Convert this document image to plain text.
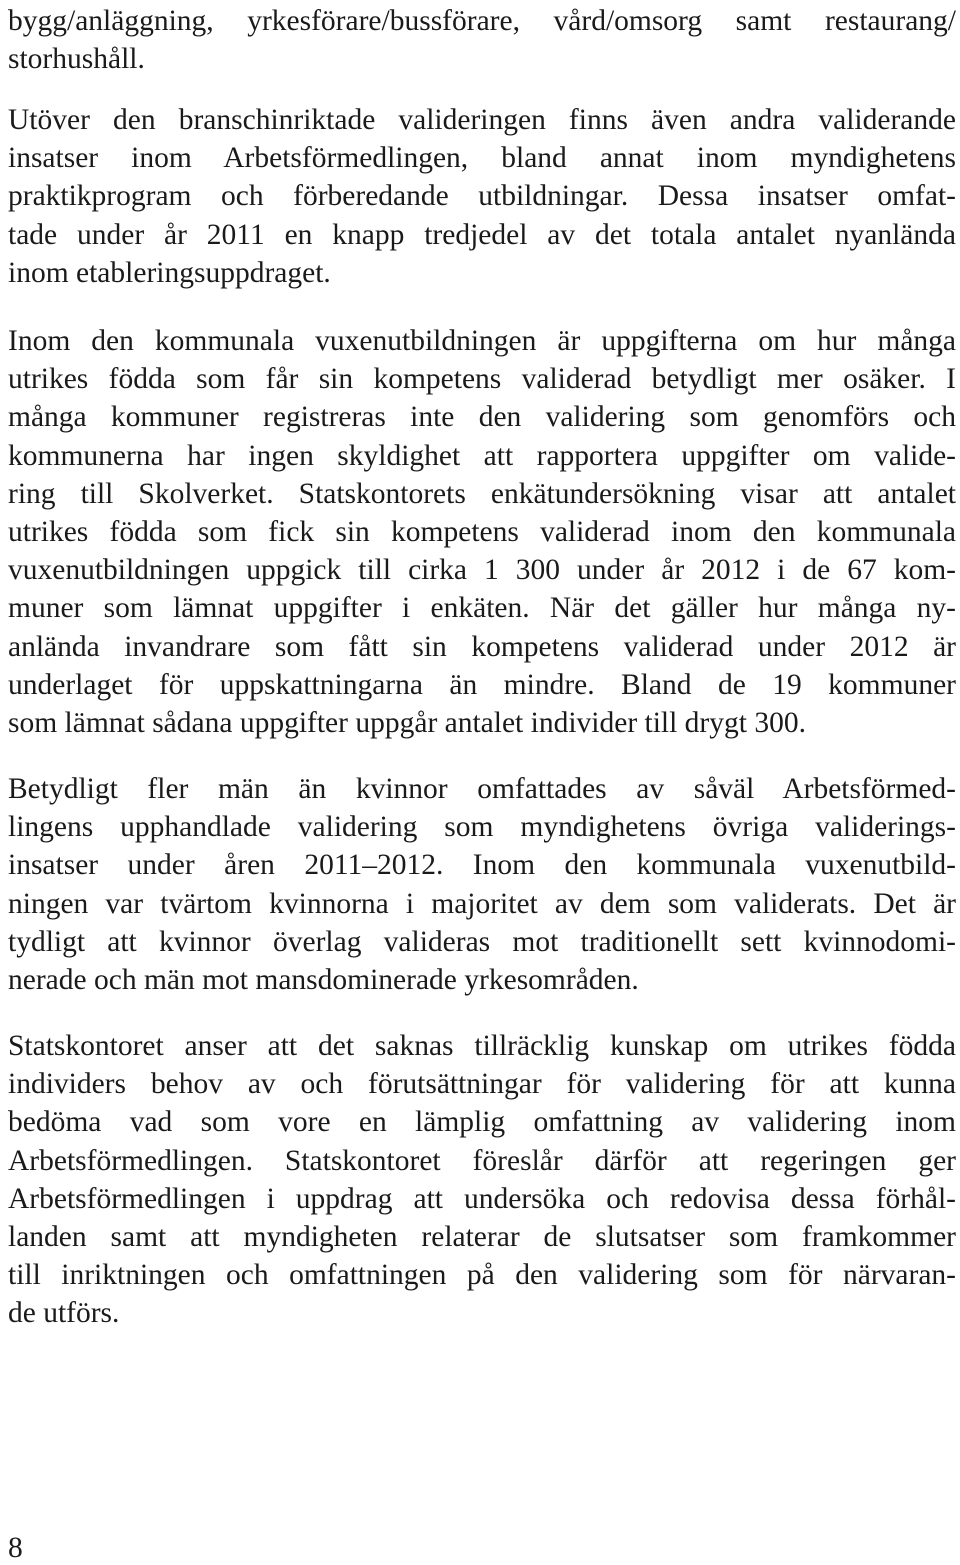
bygg/anläggning, yrkesförare/bussförare, vård/omsorg samt restaurang/
storhushåll.

Utöver den branschinriktade valideringen finns även andra validerande
insatser inom Arbetsförmedlingen, bland annat inom myndighetens
praktikprogram och förberedande utbildningar. Dessa insatser omfat-
tade under år 2011 en knapp tredjedel av det totala antalet nyanlända
inom etableringsuppdraget.

Inom den kommunala vuxenutbildningen är uppgifterna om hur många
utrikes födda som får sin kompetens validerad betydligt mer osäker. I
många kommuner registreras inte den validering som genomförs och
kommunerna har ingen skyldighet att rapportera uppgifter om valide-
ring till Skolverket. Statskontorets enkätundersökning visar att antalet
utrikes födda som fick sin kompetens validerad inom den kommunala
vuxenutbildningen uppgick till cirka 1 300 under år 2012 i de 67 kom-
muner som lämnat uppgifter i enkäten. När det gäller hur många ny-
anlända invandrare som fått sin kompetens validerad under 2012 är
underlaget för uppskattningarna än mindre. Bland de 19 kommuner
som lämnat sådana uppgifter uppgår antalet individer till drygt 300.

Betydligt fler män än kvinnor omfattades av såväl Arbetsförmed-
lingens upphandlade validering som myndighetens övriga validerings-
insatser under åren 2011–2012. Inom den kommunala vuxenutbild-
ningen var tvärtom kvinnorna i majoritet av dem som validerats. Det är
tydligt att kvinnor överlag valideras mot traditionellt sett kvinnodomi-
nerade och män mot mansdominerade yrkesområden.

Statskontoret anser att det saknas tillräcklig kunskap om utrikes födda
individers behov av och förutsättningar för validering för att kunna
bedöma vad som vore en lämplig omfattning av validering inom
Arbetsförmedlingen. Statskontoret föreslår därför att regeringen ger
Arbetsförmedlingen i uppdrag att undersöka och redovisa dessa förhål-
landen samt att myndigheten relaterar de slutsatser som framkommer
till inriktningen och omfattningen på den validering som för närvaran-
de utförs.

8
